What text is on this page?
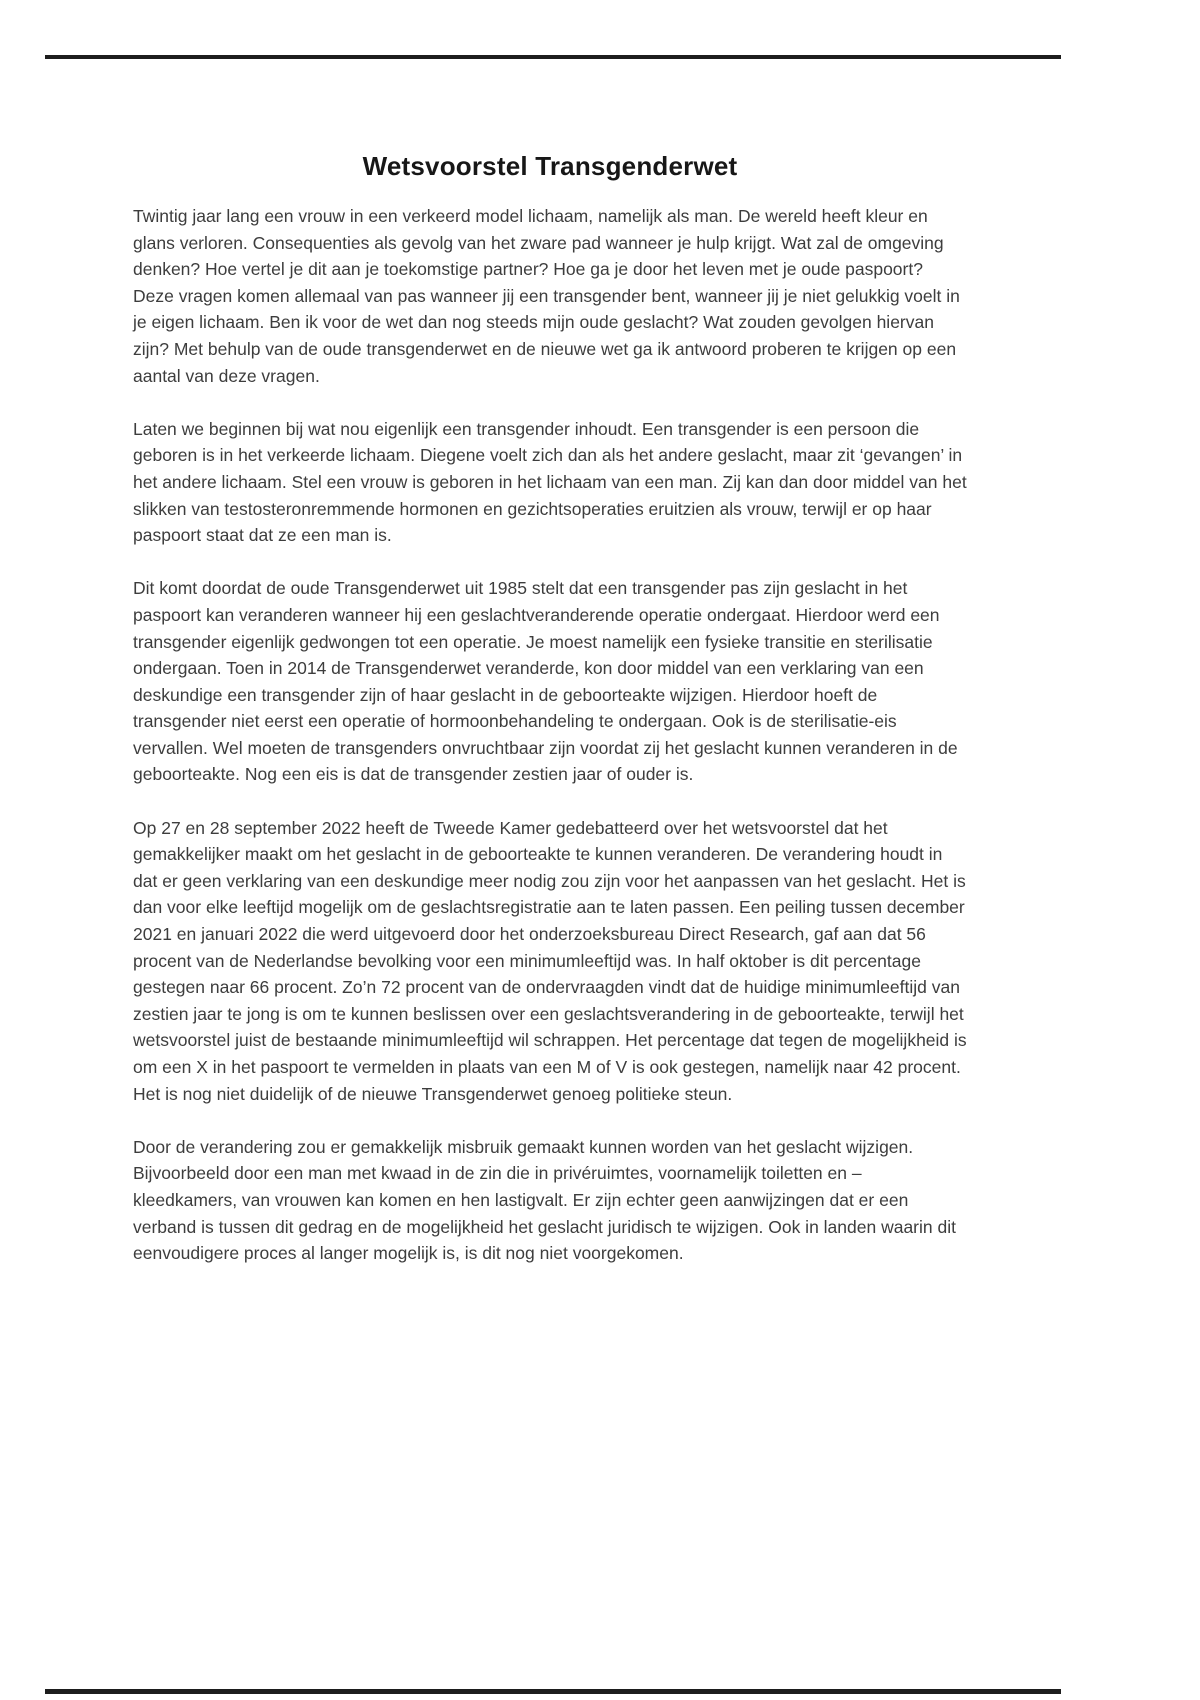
Wetsvoorstel Transgenderwet

Twintig jaar lang een vrouw in een verkeerd model lichaam, namelijk als man. De wereld heeft kleur en glans verloren. Consequenties als gevolg van het zware pad wanneer je hulp krijgt. Wat zal de omgeving denken? Hoe vertel je dit aan je toekomstige partner? Hoe ga je door het leven met je oude paspoort? Deze vragen komen allemaal van pas wanneer jij een transgender bent, wanneer jij je niet gelukkig voelt in je eigen lichaam. Ben ik voor de wet dan nog steeds mijn oude geslacht? Wat zouden gevolgen hiervan zijn? Met behulp van de oude transgenderwet en de nieuwe wet ga ik antwoord proberen te krijgen op een aantal van deze vragen.

Laten we beginnen bij wat nou eigenlijk een transgender inhoudt. Een transgender is een persoon die geboren is in het verkeerde lichaam. Diegene voelt zich dan als het andere geslacht, maar zit ‘gevangen’ in het andere lichaam. Stel een vrouw is geboren in het lichaam van een man. Zij kan dan door middel van het slikken van testosteronremmende hormonen en gezichtsoperaties eruitzien als vrouw, terwijl er op haar paspoort staat dat ze een man is.

Dit komt doordat de oude Transgenderwet uit 1985 stelt dat een transgender pas zijn geslacht in het paspoort kan veranderen wanneer hij een geslachtveranderende operatie ondergaat. Hierdoor werd een transgender eigenlijk gedwongen tot een operatie. Je moest namelijk een fysieke transitie en sterilisatie ondergaan. Toen in 2014 de Transgenderwet veranderde, kon door middel van een verklaring van een deskundige een transgender zijn of haar geslacht in de geboorteakte wijzigen. Hierdoor hoeft de transgender niet eerst een operatie of hormoonbehandeling te ondergaan. Ook is de sterilisatie-eis vervallen. Wel moeten de transgenders onvruchtbaar zijn voordat zij het geslacht kunnen veranderen in de geboorteakte. Nog een eis is dat de transgender zestien jaar of ouder is.

Op 27 en 28 september 2022 heeft de Tweede Kamer gedebatteerd over het wetsvoorstel dat het gemakkelijker maakt om het geslacht in de geboorteakte te kunnen veranderen. De verandering houdt in dat er geen verklaring van een deskundige meer nodig zou zijn voor het aanpassen van het geslacht. Het is dan voor elke leeftijd mogelijk om de geslachtsregistratie aan te laten passen. Een peiling tussen december 2021 en januari 2022 die werd uitgevoerd door het onderzoeksbureau Direct Research, gaf aan dat 56 procent van de Nederlandse bevolking voor een minimumleeftijd was. In half oktober is dit percentage gestegen naar 66 procent. Zo’n 72 procent van de ondervraagden vindt dat de huidige minimumleeftijd van zestien jaar te jong is om te kunnen beslissen over een geslachtsverandering in de geboorteakte, terwijl het wetsvoorstel juist de bestaande minimumleeftijd wil schrappen. Het percentage dat tegen de mogelijkheid is om een X in het paspoort te vermelden in plaats van een M of V is ook gestegen, namelijk naar 42 procent. Het is nog niet duidelijk of de nieuwe Transgenderwet genoeg politieke steun.

Door de verandering zou er gemakkelijk misbruik gemaakt kunnen worden van het geslacht wijzigen. Bijvoorbeeld door een man met kwaad in de zin die in privéruimtes, voornamelijk toiletten en – kleedkamers, van vrouwen kan komen en hen lastigvalt. Er zijn echter geen aanwijzingen dat er een verband is tussen dit gedrag en de mogelijkheid het geslacht juridisch te wijzigen. Ook in landen waarin dit eenvoudigere proces al langer mogelijk is, is dit nog niet voorgekomen.
